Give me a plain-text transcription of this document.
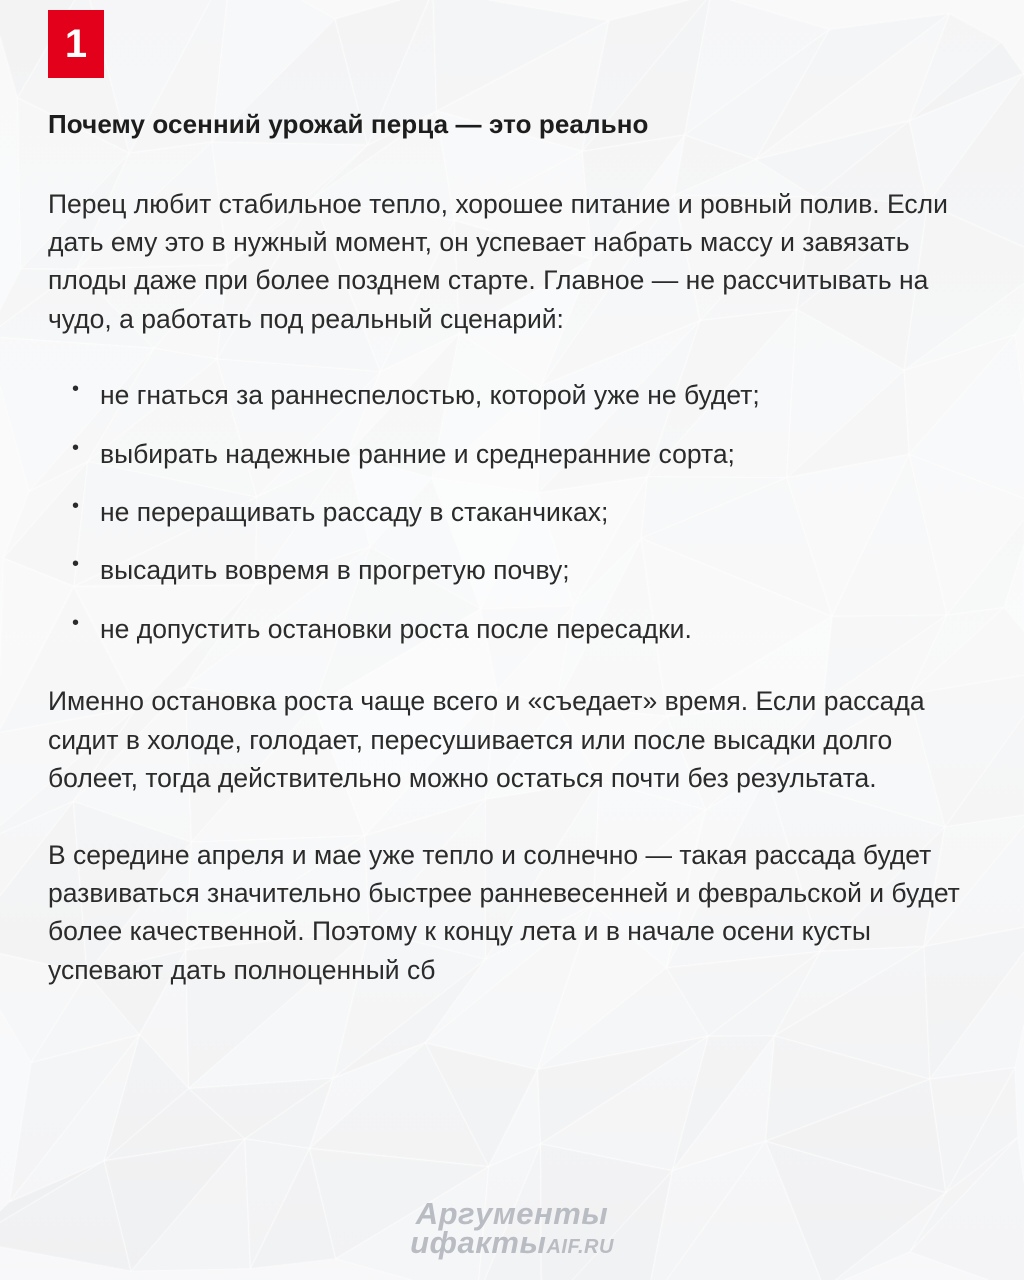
1
Почему осенний урожай перца — это реально

Перец любит стабильное тепло, хорошее питание и ровный полив. Если дать ему это в нужный момент, он успевает набрать массу и завязать плоды даже при более позднем старте. Главное — не рассчитывать на чудо, а работать под реальный сценарий:

• не гнаться за раннеспелостью, которой уже не будет;
• выбирать надежные ранние и среднеранние сорта;
• не переращивать рассаду в стаканчиках;
• высадить вовремя в прогретую почву;
• не допустить остановки роста после пересадки.

Именно остановка роста чаще всего и «съедает» время. Если рассада сидит в холоде, голодает, пересушивается или после высадки долго болеет, тогда действительно можно остаться почти без результата.

В середине апреля и мае уже тепло и солнечно — такая рассада будет развиваться значительно быстрее ранневесенней и февральской и будет более качественной. Поэтому к концу лета и в начале осени кусты успевают дать полноценный сб

Аргументы
ифактыAIF.RU
